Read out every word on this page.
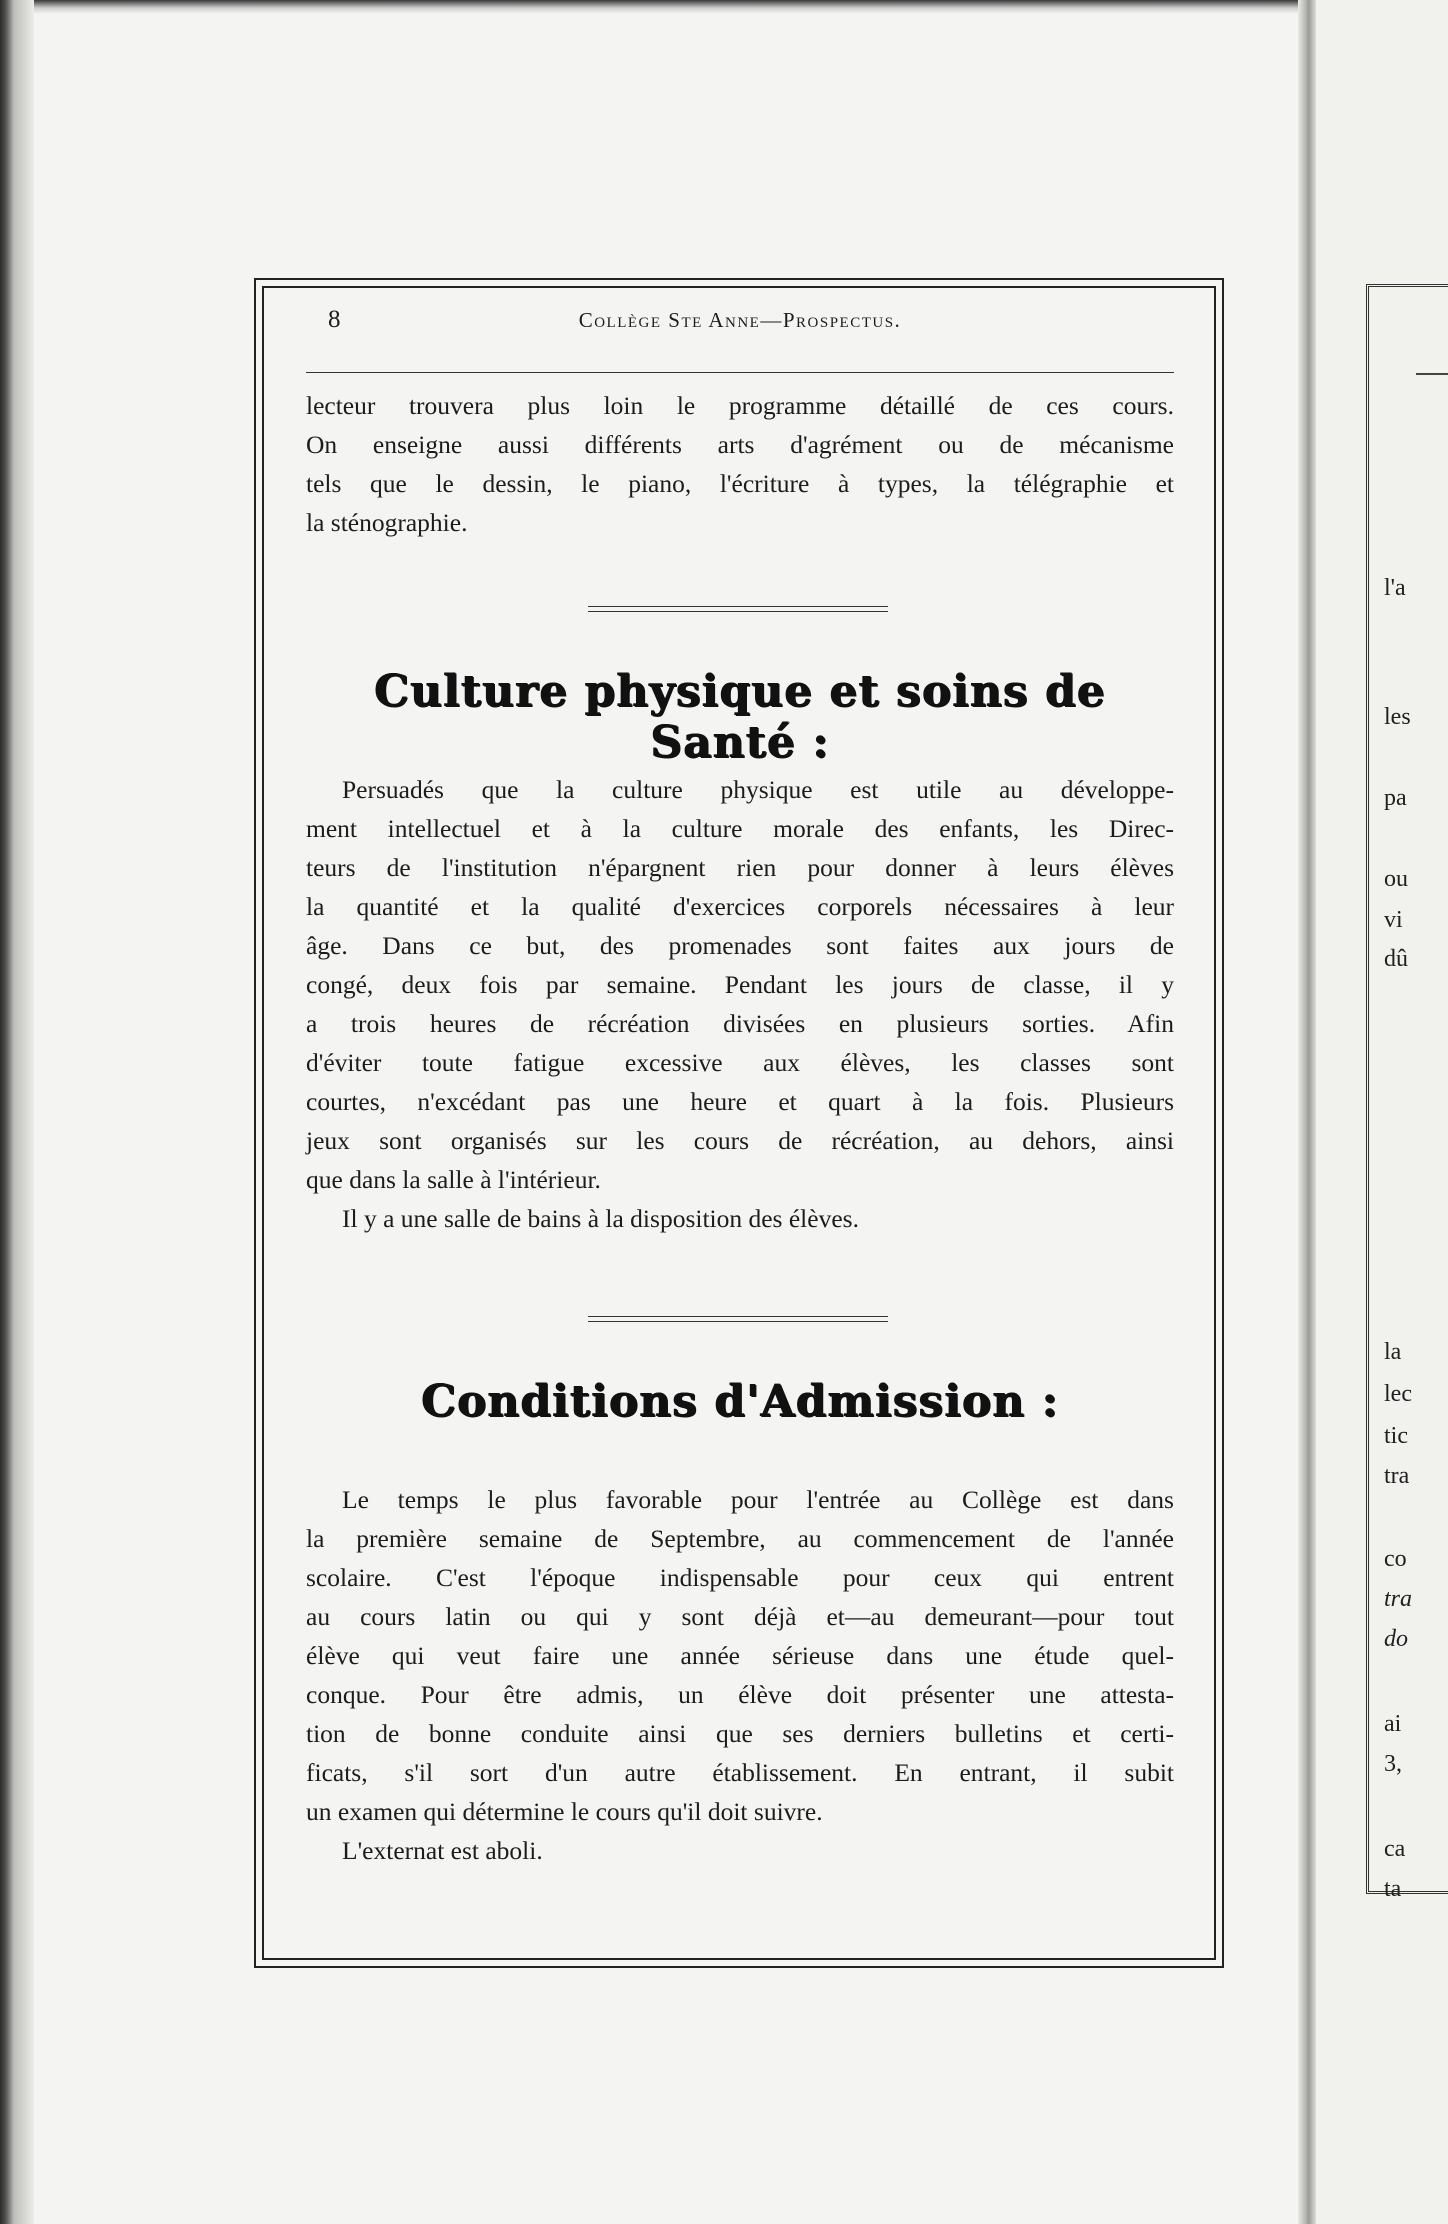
8	Collège Ste Anne—Prospectus.
lecteur trouvera plus loin le programme détaillé de ces cours.
On enseigne aussi différents arts d'agrément ou de mécanisme
tels que le dessin, le piano, l'écriture à types, la télégraphie et
la sténographie.
Culture physique et soins de Santé :
Persuadés que la culture physique est utile au développe-
ment intellectuel et à la culture morale des enfants, les Direc-
teurs de l'institution n'épargnent rien pour donner à leurs élèves
la quantité et la qualité d'exercices corporels nécessaires à leur
âge. Dans ce but, des promenades sont faites aux jours de
congé, deux fois par semaine. Pendant les jours de classe, il y
a trois heures de récréation divisées en plusieurs sorties. Afin
d'éviter toute fatigue excessive aux élèves, les classes sont
courtes, n'excédant pas une heure et quart à la fois. Plusieurs
jeux sont organisés sur les cours de récréation, au dehors, ainsi
que dans la salle à l'intérieur.
Il y a une salle de bains à la disposition des élèves.
Conditions d'Admission :
Le temps le plus favorable pour l'entrée au Collège est dans
la première semaine de Septembre, au commencement de l'année
scolaire. C'est l'époque indispensable pour ceux qui entrent
au cours latin ou qui y sont déjà et—au demeurant—pour tout
élève qui veut faire une année sérieuse dans une étude quel-
conque. Pour être admis, un élève doit présenter une attesta-
tion de bonne conduite ainsi que ses derniers bulletins et certi-
ficats, s'il sort d'un autre établissement. En entrant, il subit
un examen qui détermine le cours qu'il doit suivre.
L'externat est aboli.
l'a
les
pa
ou
vi
dû
la
lec
tic
tra
co
tra
do
ai
3,
ca
ta
